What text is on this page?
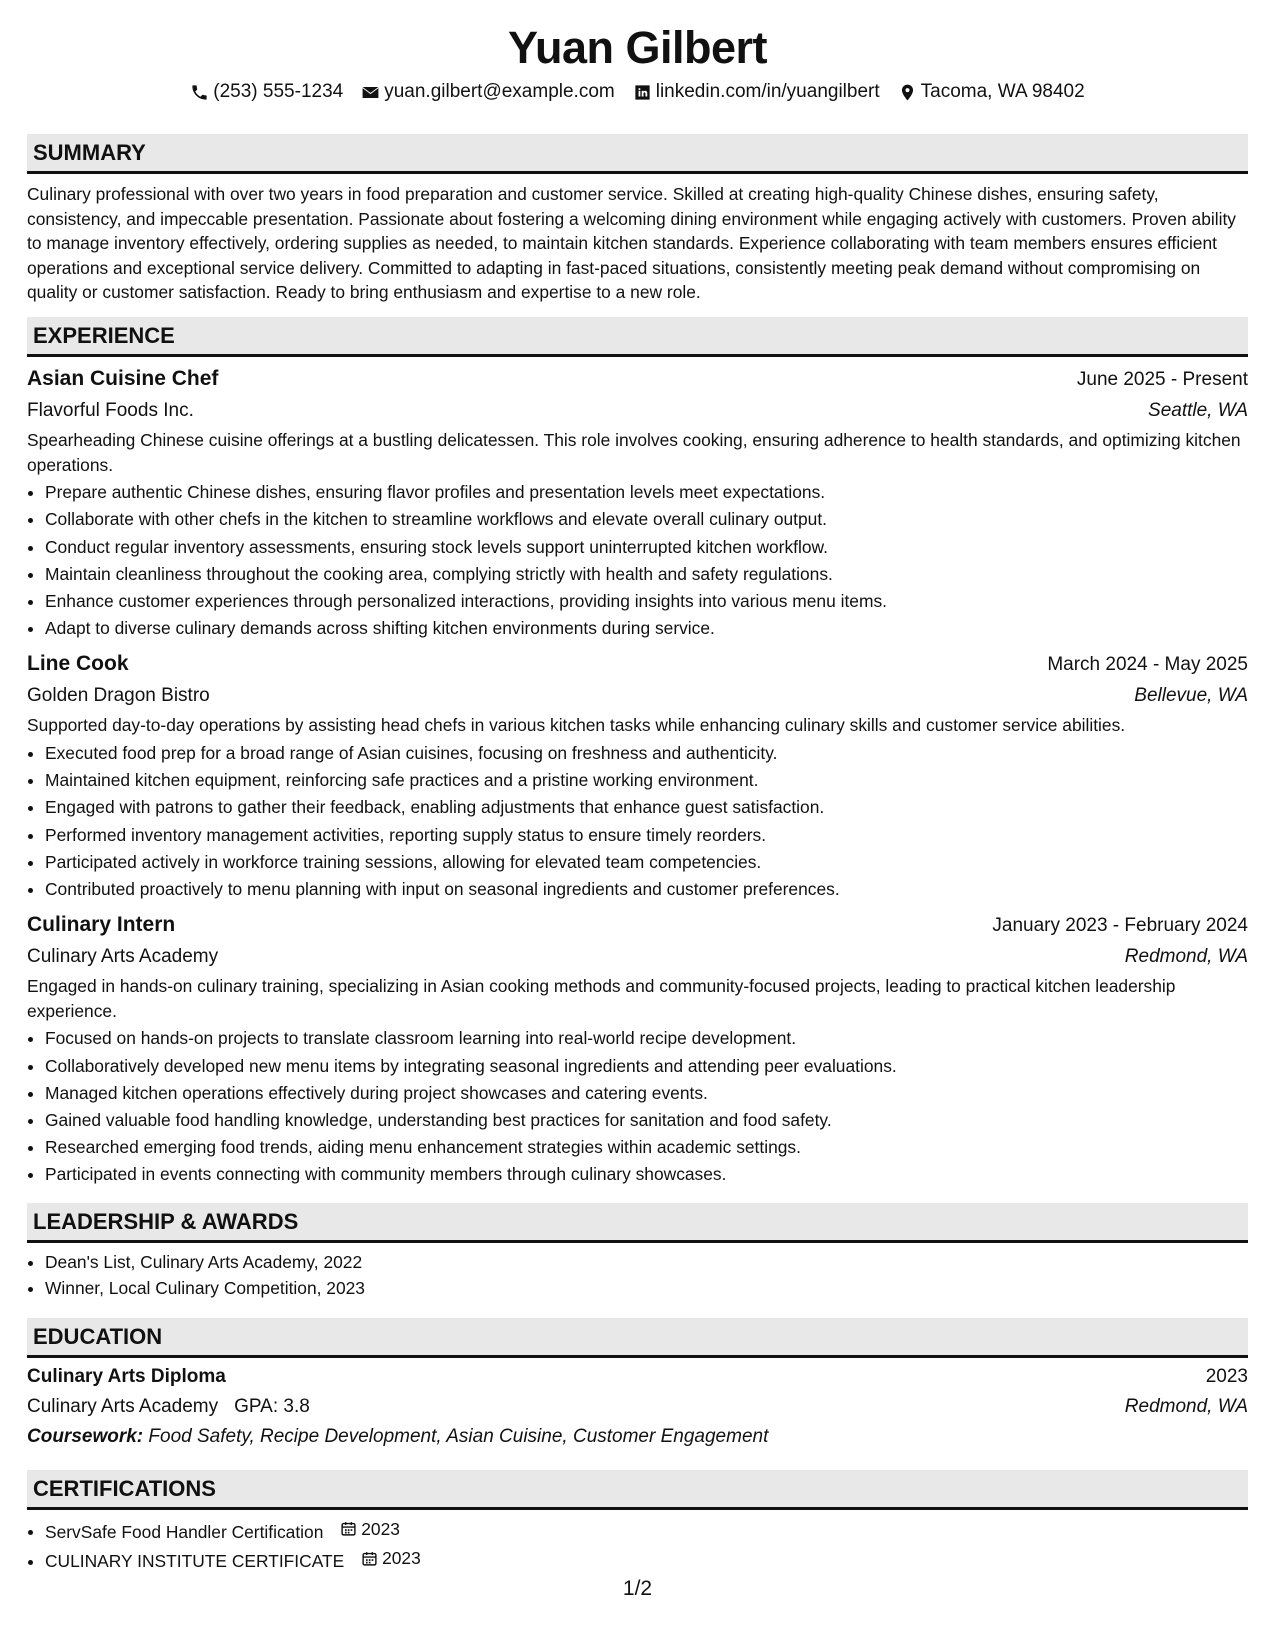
Yuan Gilbert
(253) 555-1234 yuan.gilbert@example.com linkedin.com/in/yuangilbert Tacoma, WA 98402
SUMMARY
Culinary professional with over two years in food preparation and customer service. Skilled at creating high-quality Chinese dishes, ensuring safety, consistency, and impeccable presentation. Passionate about fostering a welcoming dining environment while engaging actively with customers. Proven ability to manage inventory effectively, ordering supplies as needed, to maintain kitchen standards. Experience collaborating with team members ensures efficient operations and exceptional service delivery. Committed to adapting in fast-paced situations, consistently meeting peak demand without compromising on quality or customer satisfaction. Ready to bring enthusiasm and expertise to a new role.
EXPERIENCE
Asian Cuisine Chef	June 2025 - Present
Flavorful Foods Inc.	Seattle, WA
Spearheading Chinese cuisine offerings at a bustling delicatessen. This role involves cooking, ensuring adherence to health standards, and optimizing kitchen operations.
• Prepare authentic Chinese dishes, ensuring flavor profiles and presentation levels meet expectations.
• Collaborate with other chefs in the kitchen to streamline workflows and elevate overall culinary output.
• Conduct regular inventory assessments, ensuring stock levels support uninterrupted kitchen workflow.
• Maintain cleanliness throughout the cooking area, complying strictly with health and safety regulations.
• Enhance customer experiences through personalized interactions, providing insights into various menu items.
• Adapt to diverse culinary demands across shifting kitchen environments during service.
Line Cook	March 2024 - May 2025
Golden Dragon Bistro	Bellevue, WA
Supported day-to-day operations by assisting head chefs in various kitchen tasks while enhancing culinary skills and customer service abilities.
• Executed food prep for a broad range of Asian cuisines, focusing on freshness and authenticity.
• Maintained kitchen equipment, reinforcing safe practices and a pristine working environment.
• Engaged with patrons to gather their feedback, enabling adjustments that enhance guest satisfaction.
• Performed inventory management activities, reporting supply status to ensure timely reorders.
• Participated actively in workforce training sessions, allowing for elevated team competencies.
• Contributed proactively to menu planning with input on seasonal ingredients and customer preferences.
Culinary Intern	January 2023 - February 2024
Culinary Arts Academy	Redmond, WA
Engaged in hands-on culinary training, specializing in Asian cooking methods and community-focused projects, leading to practical kitchen leadership experience.
• Focused on hands-on projects to translate classroom learning into real-world recipe development.
• Collaboratively developed new menu items by integrating seasonal ingredients and attending peer evaluations.
• Managed kitchen operations effectively during project showcases and catering events.
• Gained valuable food handling knowledge, understanding best practices for sanitation and food safety.
• Researched emerging food trends, aiding menu enhancement strategies within academic settings.
• Participated in events connecting with community members through culinary showcases.
LEADERSHIP & AWARDS
• Dean's List, Culinary Arts Academy, 2022
• Winner, Local Culinary Competition, 2023
EDUCATION
Culinary Arts Diploma	2023
Culinary Arts Academy GPA: 3.8	Redmond, WA
Coursework: Food Safety, Recipe Development, Asian Cuisine, Customer Engagement
CERTIFICATIONS
• ServSafe Food Handler Certification 2023
• CULINARY INSTITUTE CERTIFICATE 2023
1/2
